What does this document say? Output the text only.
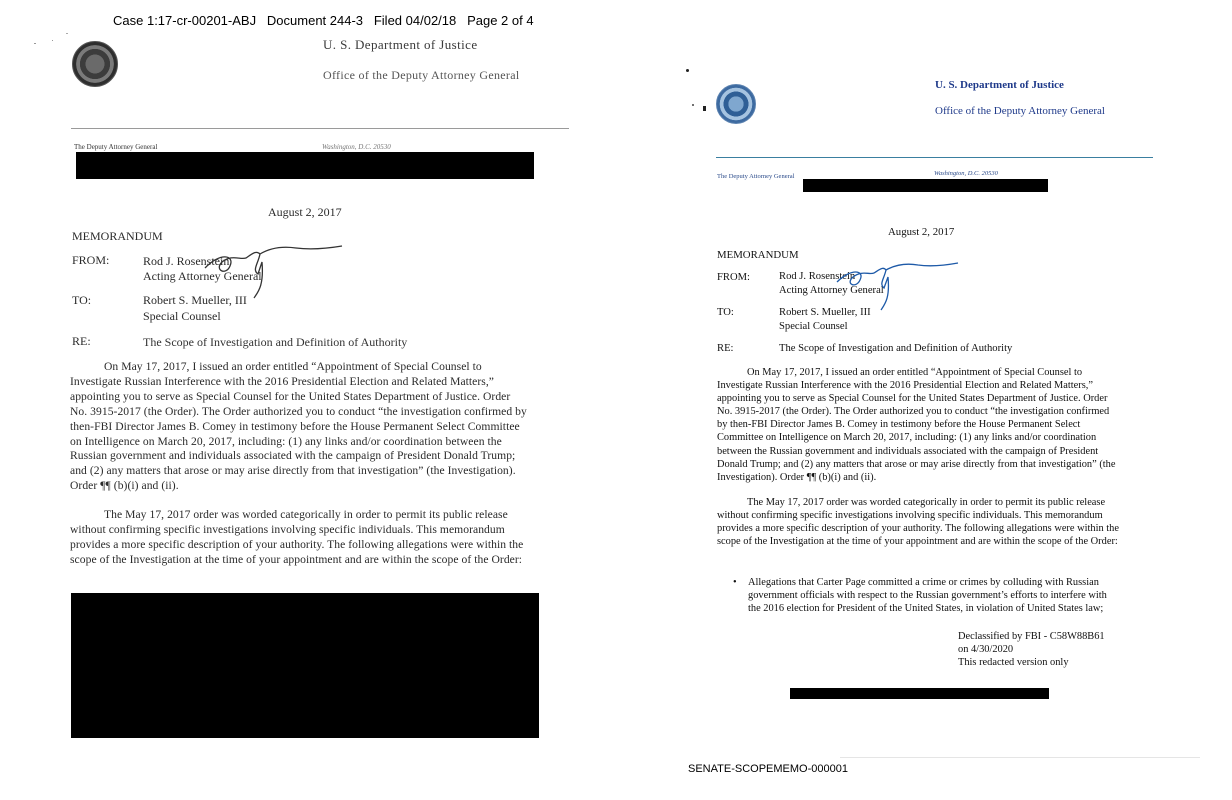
Case 1:17-cr-00201-ABJ   Document 244-3   Filed 04/02/18   Page 2 of 4
U. S. Department of Justice
Office of the Deputy Attorney General
The Deputy Attorney General	Washington, D.C. 20530
August 2, 2017
MEMORANDUM
FROM:	Rod J. Rosenstein
Acting Attorney General
TO:	Robert S. Mueller, III
Special Counsel
RE:	The Scope of Investigation and Definition of Authority

On May 17, 2017, I issued an order entitled “Appointment of Special Counsel to Investigate Russian Interference with the 2016 Presidential Election and Related Matters,” appointing you to serve as Special Counsel for the United States Department of Justice. Order No. 3915-2017 (the Order). The Order authorized you to conduct “the investigation confirmed by then-FBI Director James B. Comey in testimony before the House Permanent Select Committee on Intelligence on March 20, 2017, including: (1) any links and/or coordination between the Russian government and individuals associated with the campaign of President Donald Trump; and (2) any matters that arose or may arise directly from that investigation” (the Investigation). Order ¶¶ (b)(i) and (ii).

The May 17, 2017 order was worded categorically in order to permit its public release without confirming specific investigations involving specific individuals. This memorandum provides a more specific description of your authority. The following allegations were within the scope of the Investigation at the time of your appointment and are within the scope of the Order:

U. S. Department of Justice
Office of the Deputy Attorney General
The Deputy Attorney General	Washington, D.C. 20530
August 2, 2017
MEMORANDUM
FROM:	Rod J. Rosenstein
Acting Attorney General
TO:	Robert S. Mueller, III
Special Counsel
RE:	The Scope of Investigation and Definition of Authority

On May 17, 2017, I issued an order entitled “Appointment of Special Counsel to Investigate Russian Interference with the 2016 Presidential Election and Related Matters,” appointing you to serve as Special Counsel for the United States Department of Justice. Order No. 3915-2017 (the Order). The Order authorized you to conduct “the investigation confirmed by then-FBI Director James B. Comey in testimony before the House Permanent Select Committee on Intelligence on March 20, 2017, including: (1) any links and/or coordination between the Russian government and individuals associated with the campaign of President Donald Trump; and (2) any matters that arose or may arise directly from that investigation” (the Investigation). Order ¶¶ (b)(i) and (ii).

The May 17, 2017 order was worded categorically in order to permit its public release without confirming specific investigations involving specific individuals. This memorandum provides a more specific description of your authority. The following allegations were within the scope of the Investigation at the time of your appointment and are within the scope of the Order:

• Allegations that Carter Page committed a crime or crimes by colluding with Russian government officials with respect to the Russian government’s efforts to interfere with the 2016 election for President of the United States, in violation of United States law;

Declassified by FBI - C58W88B61
on 4/30/2020
This redacted version only
SENATE-SCOPEMEMO-000001
